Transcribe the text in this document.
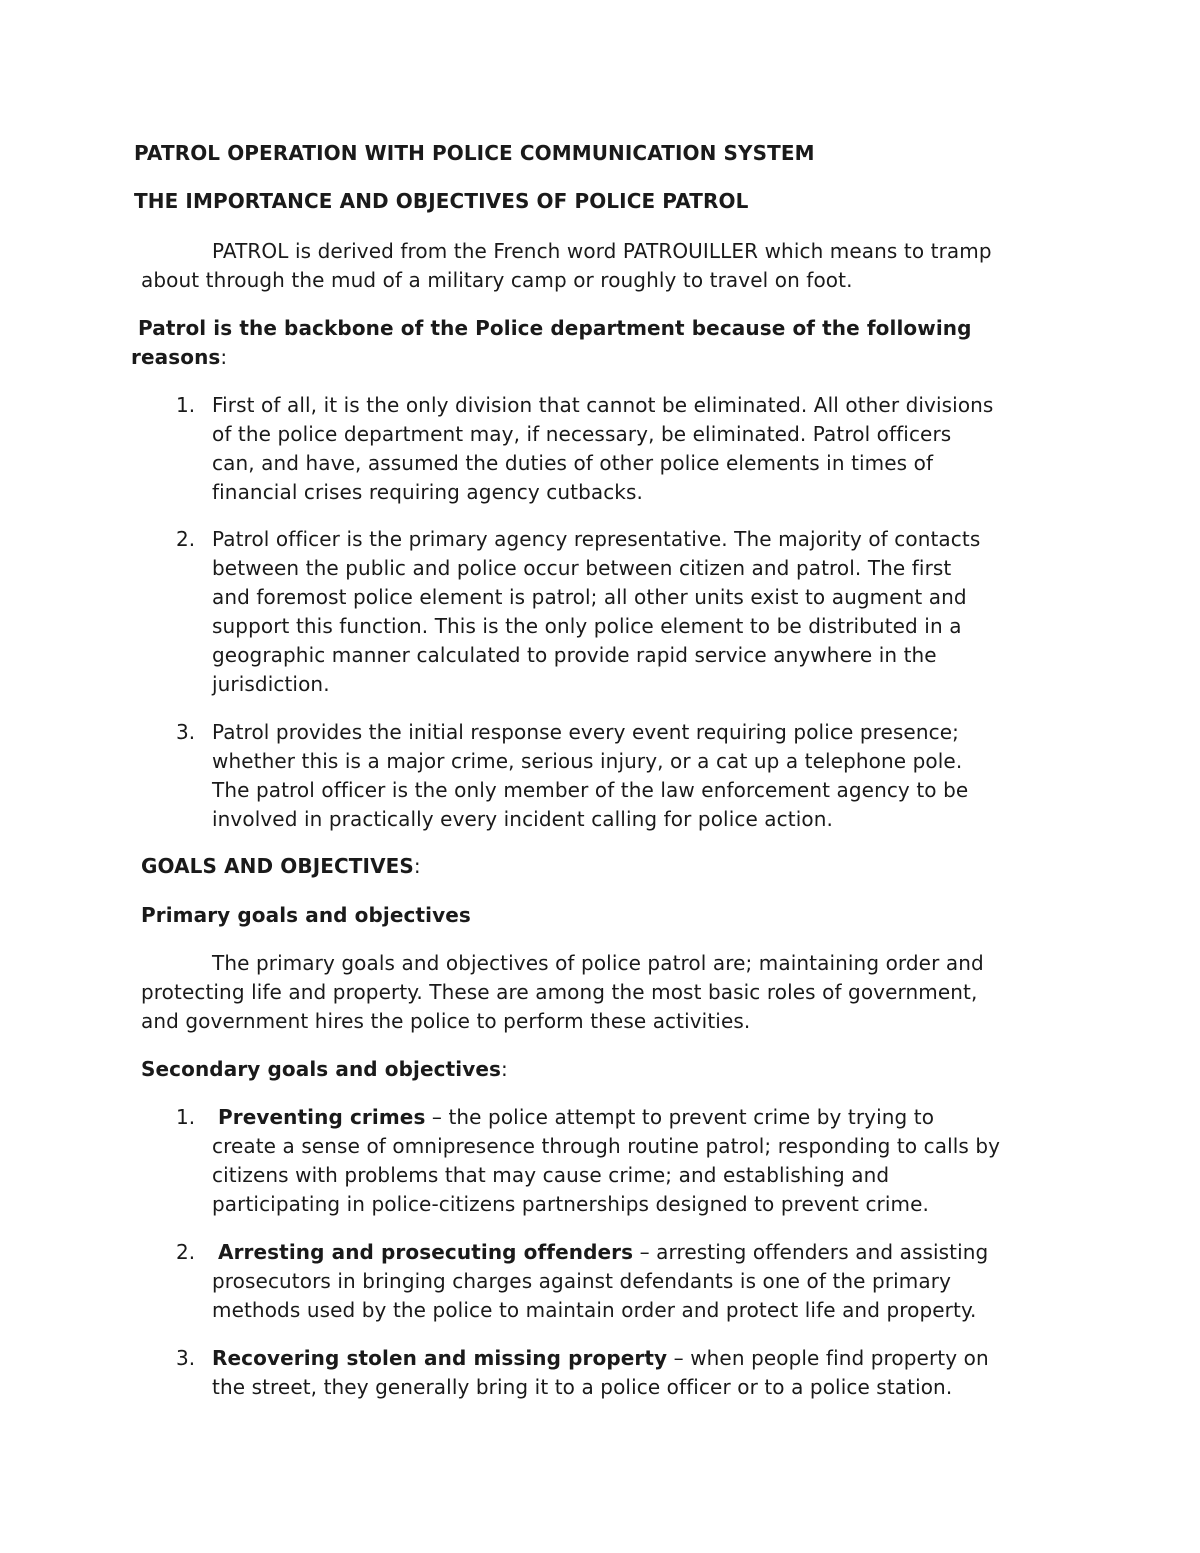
PATROL OPERATION WITH POLICE COMMUNICATION SYSTEM
THE IMPORTANCE AND OBJECTIVES OF POLICE PATROL
PATROL is derived from the French word PATROUILLER which means to tramp
about through the mud of a military camp or roughly to travel on foot.
Patrol is the backbone of the Police department because of the following
reasons:
1. First of all, it is the only division that cannot be eliminated. All other divisions
of the police department may, if necessary, be eliminated. Patrol officers
can, and have, assumed the duties of other police elements in times of
financial crises requiring agency cutbacks.
2. Patrol officer is the primary agency representative. The majority of contacts
between the public and police occur between citizen and patrol. The first
and foremost police element is patrol; all other units exist to augment and
support this function. This is the only police element to be distributed in a
geographic manner calculated to provide rapid service anywhere in the
jurisdiction.
3. Patrol provides the initial response every event requiring police presence;
whether this is a major crime, serious injury, or a cat up a telephone pole.
The patrol officer is the only member of the law enforcement agency to be
involved in practically every incident calling for police action.
GOALS AND OBJECTIVES:
Primary goals and objectives
The primary goals and objectives of police patrol are; maintaining order and
protecting life and property. These are among the most basic roles of government,
and government hires the police to perform these activities.
Secondary goals and objectives:
1. Preventing crimes – the police attempt to prevent crime by trying to
create a sense of omnipresence through routine patrol; responding to calls by
citizens with problems that may cause crime; and establishing and
participating in police-citizens partnerships designed to prevent crime.
2. Arresting and prosecuting offenders – arresting offenders and assisting
prosecutors in bringing charges against defendants is one of the primary
methods used by the police to maintain order and protect life and property.
3. Recovering stolen and missing property – when people find property on
the street, they generally bring it to a police officer or to a police station.
